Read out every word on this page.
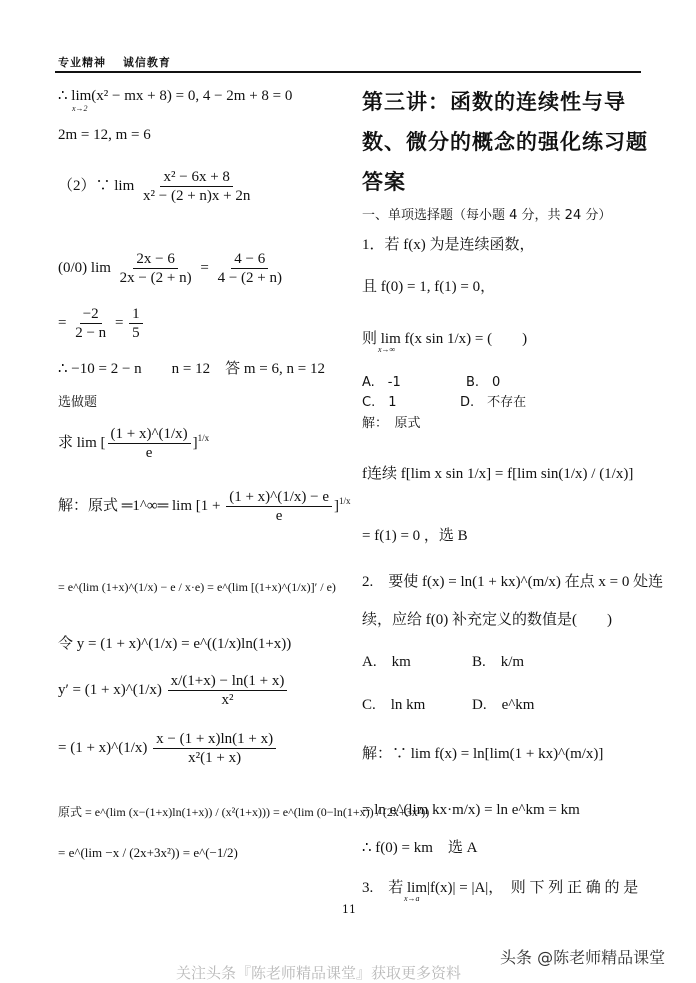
专业精神　 诚信教育
∴ lim(x² − mx + 8) = 0, 4 − 2m + 8 = 0
x→2
2m = 12, m = 6
（2）∵ $\lim \frac{\text{x² − 6x + 8}}{\text{x² − (2 + n)x + 2n}}$
(0/0) $\lim \frac{2x - 6}{2x - (2 + n)} = \frac{4 - 6}{4 - (2 + n)}$
= $\frac{-2}{2 - n} = \frac{1}{5}$
∴ −10 = 2 − n　　n = 12　答 m = 6, n = 12
选做题
求 lim [ $\frac{(1 + x)\^{}(1/x)}{e} ]^{1/x}$
解：原式 ═1^∞═ $\lim [1 + \frac{(1 + x)\^{}(1/x) - e}{e} ]^{1/x}$
= e^(lim (1+x)^(1/x) − e / x·e) = e^(lim [(1+x)^(1/x)]′ / e)
令 y = (1 + x)^(1/x) = e^((1/x)ln(1+x))
y′ = (1 + x)^(1/x) $\frac{x/(1+x) - \ln(1 + x)}{\text{x²}}$
= (1 + x)^(1/x) $\frac{x - (1 + x)\ln(1 + x)}{\text{x²(1 + x)}}$
原式 = e^(lim (x−(1+x)ln(1+x)) / (x²(1+x))) = e^(lim (0−ln(1+x)) / (2x+3x²))
= e^(lim −x / (2x+3x²)) = e^(−1/2)
第三讲：函数的连续性与导
数、微分的概念的强化练习题
答案
一、单项选择题（每小题 4 分，共 24 分）
1．若 f(x) 为是连续函数，
且 f(0) = 1, f(1) = 0，
则 lim f(x sin 1/x) = (　　)
x→∞
A.　-1	B.　0
C.　1	D.　不存在
解：　原式
f连续 f[lim x sin 1/x] = f[lim sin(1/x) / (1/x)]
= f(1) = 0 ，选 B
2.　要使 f(x) = ln(1 + kx)^(m/x) 在点 x = 0 处连
续，应给 f(0) 补充定义的数值是(　　)
A.　km	B.　k/m
C.　ln km	D.　e^km
解：∵ lim f(x) = ln[lim(1 + kx)^(m/x)]
= ln e^(lim kx·m/x) = ln e^km = km
∴ f(0) = km　选 A
3.　若 lim|f(x)| = |A|，　则 下 列 正 确 的 是
x→a
11
头条 @陈老师精品课堂
关注头条『陈老师精品课堂』获取更多资料
